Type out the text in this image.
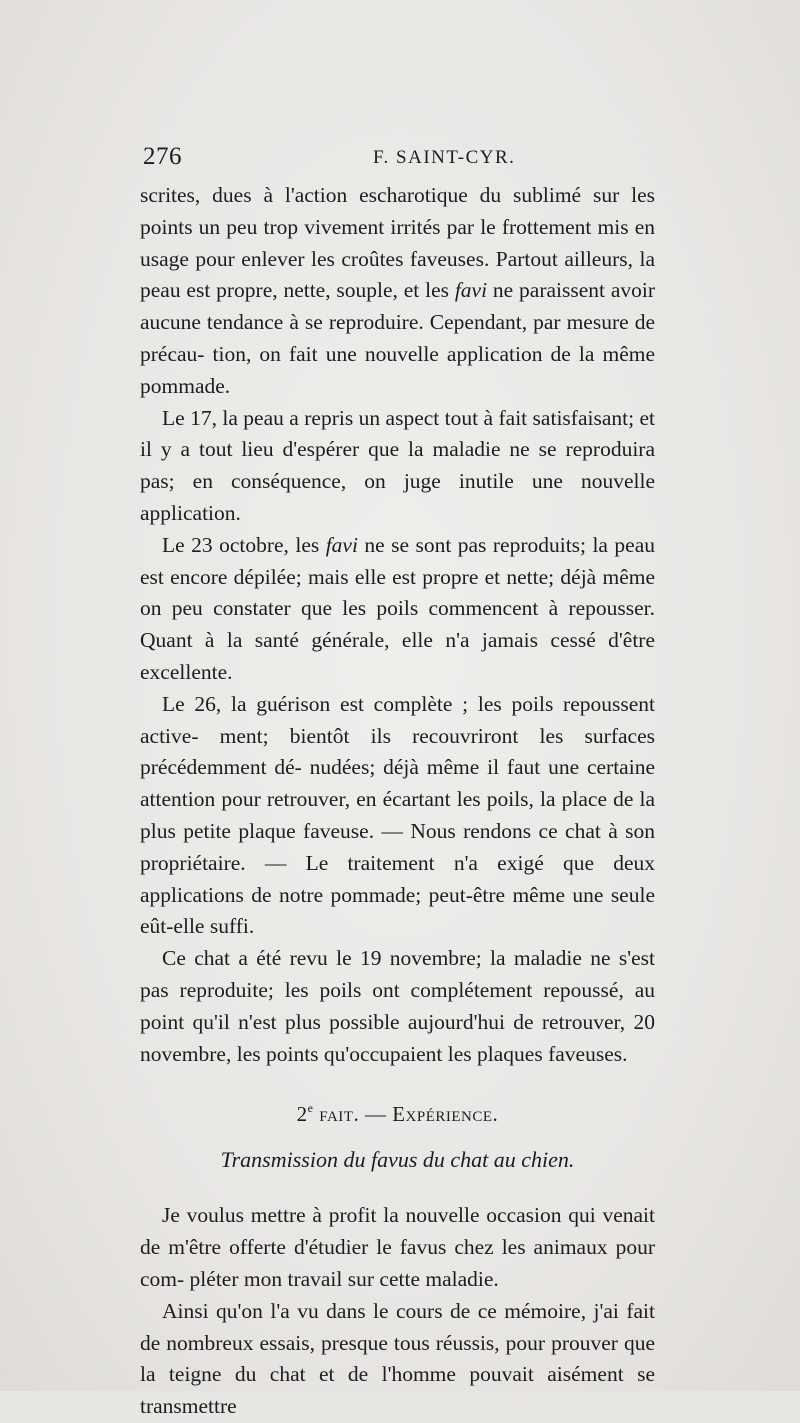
276	F. SAINT-CYR.

scrites, dues à l'action escharotique du sublimé sur les points un peu trop vivement irrités par le frottement mis en usage pour enlever les croûtes faveuses. Partout ailleurs, la peau est propre, nette, souple, et les favi ne paraissent avoir aucune tendance à se reproduire. Cependant, par mesure de précau- tion, on fait une nouvelle application de la même pommade.

Le 17, la peau a repris un aspect tout à fait satisfaisant; et il y a tout lieu d'espérer que la maladie ne se reproduira pas; en conséquence, on juge inutile une nouvelle application.

Le 23 octobre, les favi ne se sont pas reproduits; la peau est encore dépilée; mais elle est propre et nette; déjà même on peu constater que les poils commencent à repousser. Quant à la santé générale, elle n'a jamais cessé d'être excellente.

Le 26, la guérison est complète ; les poils repoussent active- ment; bientôt ils recouvriront les surfaces précédemment dé- nudées; déjà même il faut une certaine attention pour retrouver, en écartant les poils, la place de la plus petite plaque faveuse. — Nous rendons ce chat à son propriétaire. — Le traitement n'a exigé que deux applications de notre pommade; peut-être même une seule eût-elle suffi.

Ce chat a été revu le 19 novembre; la maladie ne s'est pas reproduite; les poils ont complétement repoussé, au point qu'il n'est plus possible aujourd'hui de retrouver, 20 novembre, les points qu'occupaient les plaques faveuses.

2e fait. — Expérience.
Transmission du favus du chat au chien.

Je voulus mettre à profit la nouvelle occasion qui venait de m'être offerte d'étudier le favus chez les animaux pour com- pléter mon travail sur cette maladie.

Ainsi qu'on l'a vu dans le cours de ce mémoire, j'ai fait de nombreux essais, presque tous réussis, pour prouver que la teigne du chat et de l'homme pouvait aisément se transmettre
